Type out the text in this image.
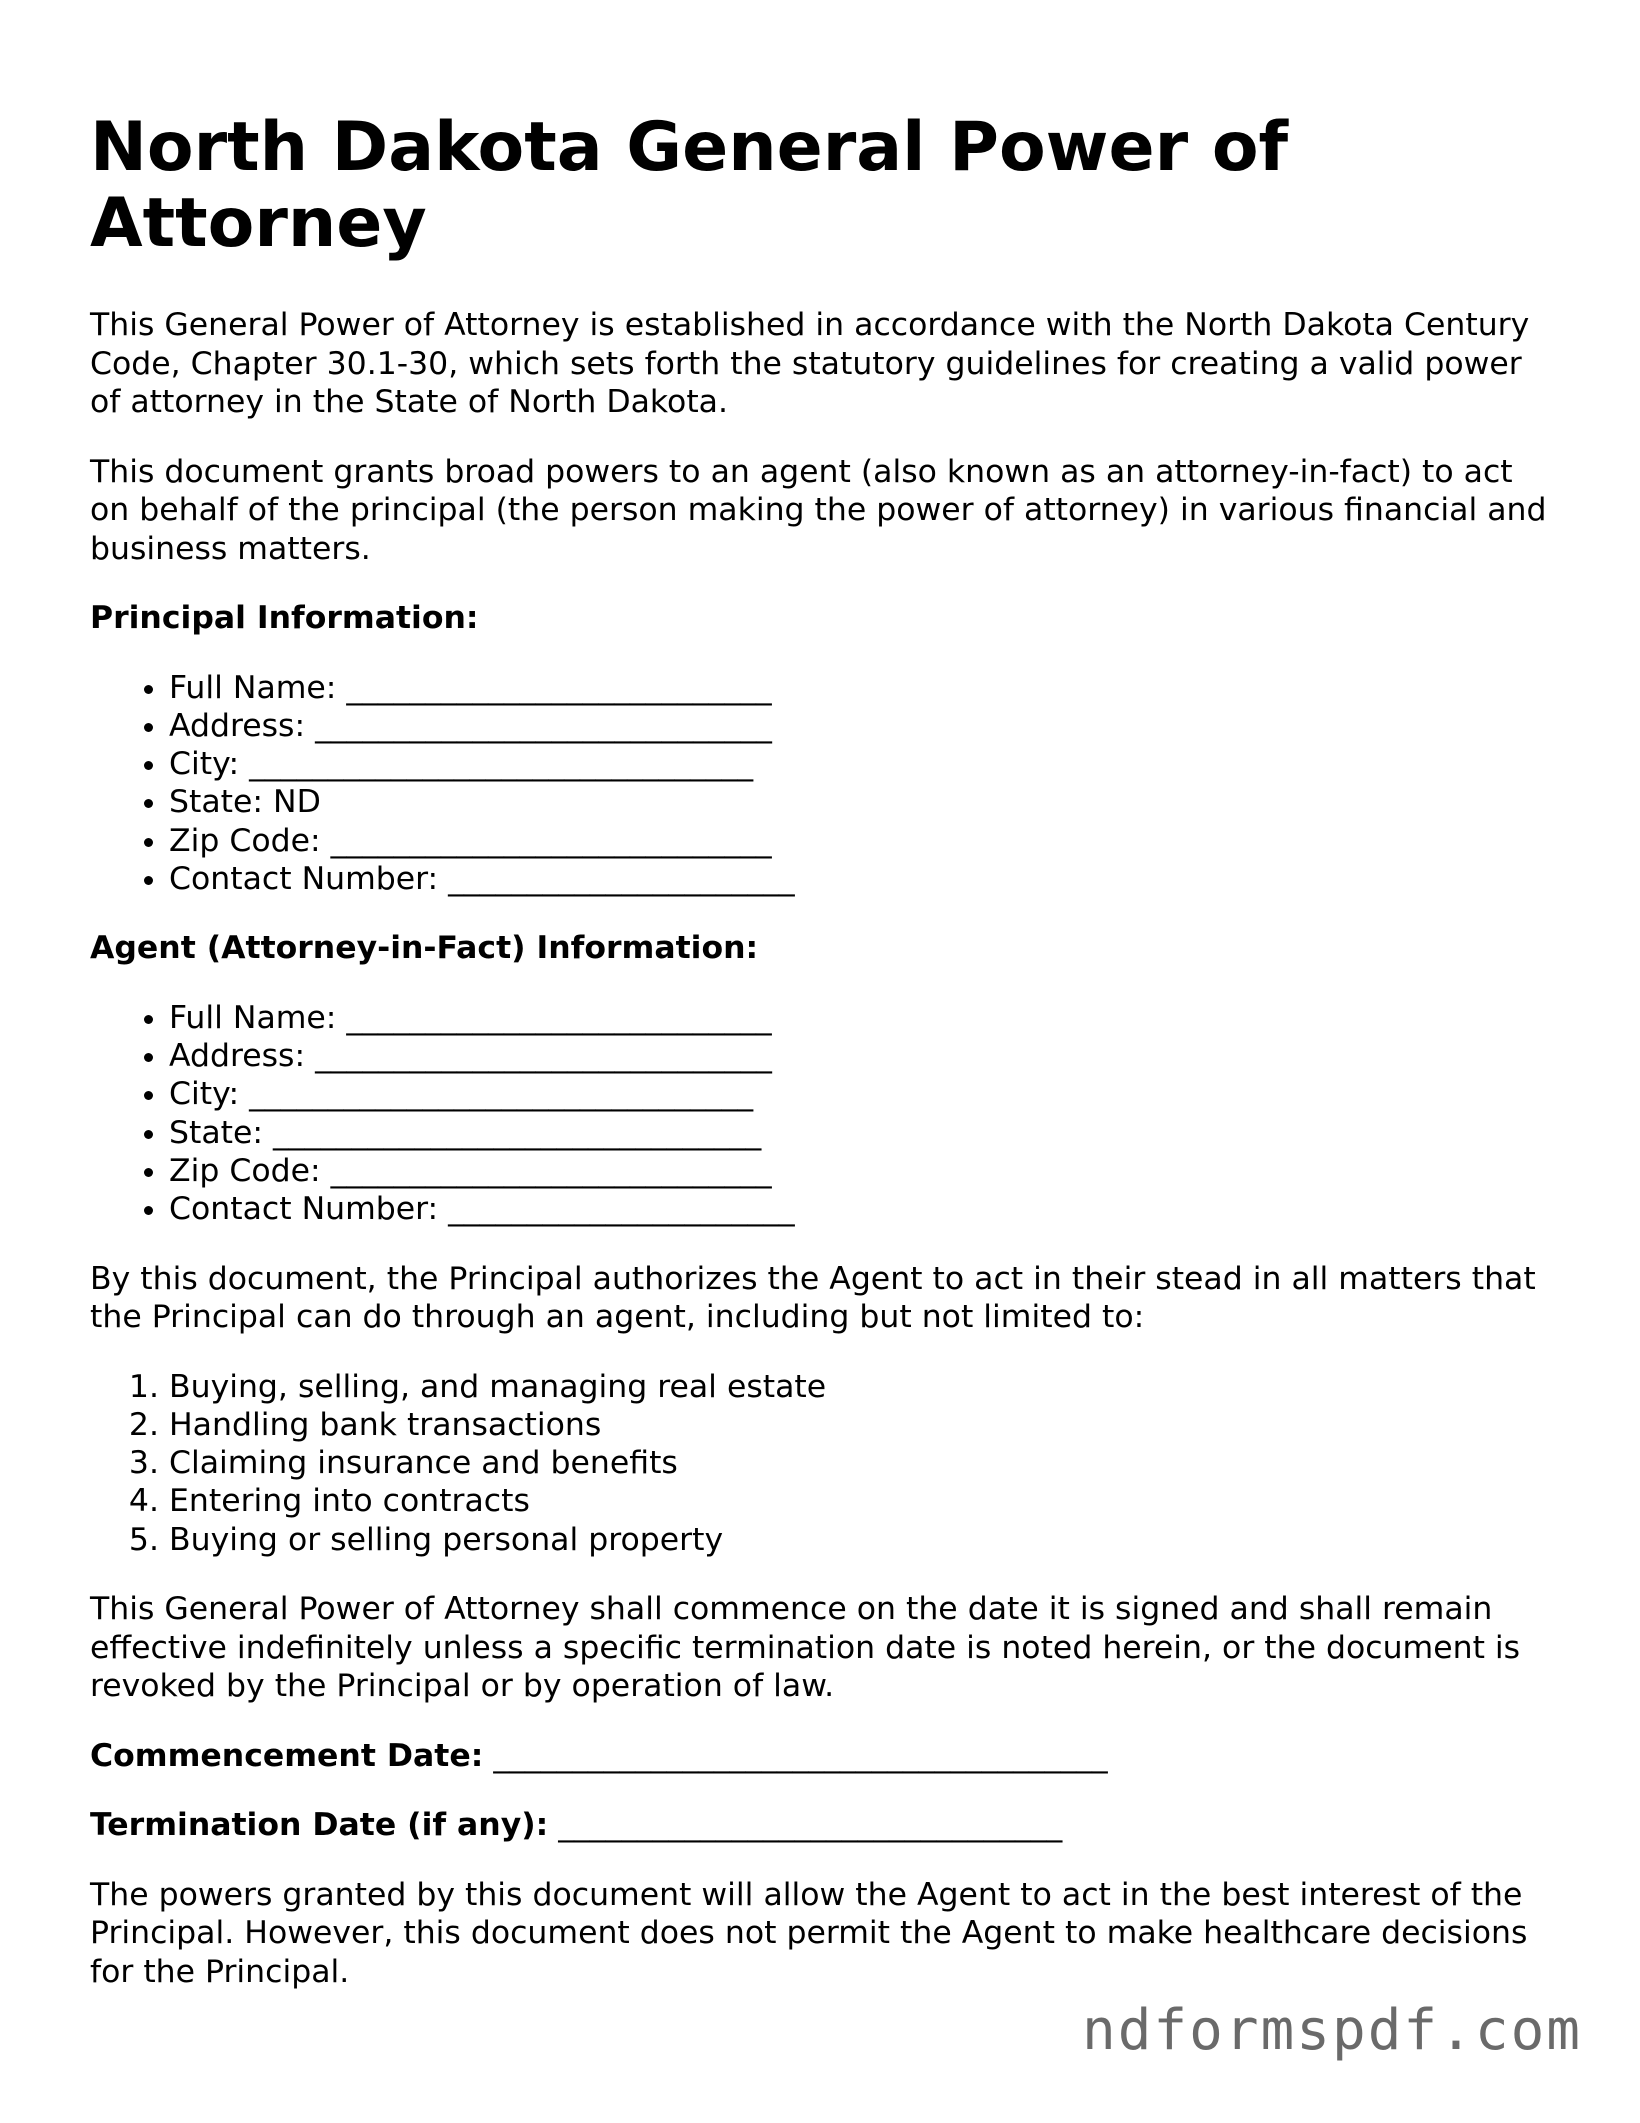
North Dakota General Power of Attorney

This General Power of Attorney is established in accordance with the North Dakota Century Code, Chapter 30.1-30, which sets forth the statutory guidelines for creating a valid power of attorney in the State of North Dakota.

This document grants broad powers to an agent (also known as an attorney-in-fact) to act on behalf of the principal (the person making the power of attorney) in various financial and business matters.

Principal Information:
• Full Name: ___________________________
• Address: _____________________________
• City: ________________________________
• State: ND
• Zip Code: ____________________________
• Contact Number: ______________________
Agent (Attorney-in-Fact) Information:
• Full Name: ___________________________
• Address: _____________________________
• City: ________________________________
• State: _______________________________
• Zip Code: ____________________________
• Contact Number: ______________________

By this document, the Principal authorizes the Agent to act in their stead in all matters that the Principal can do through an agent, including but not limited to:

1. Buying, selling, and managing real estate
2. Handling bank transactions
3. Claiming insurance and benefits
4. Entering into contracts
5. Buying or selling personal property

This General Power of Attorney shall commence on the date it is signed and shall remain effective indefinitely unless a specific termination date is noted herein, or the document is revoked by the Principal or by operation of law.

Commencement Date: _______________________________________
Termination Date (if any): ________________________________

The powers granted by this document will allow the Agent to act in the best interest of the Principal. However, this document does not permit the Agent to make healthcare decisions for the Principal.

ndformspdf.com
